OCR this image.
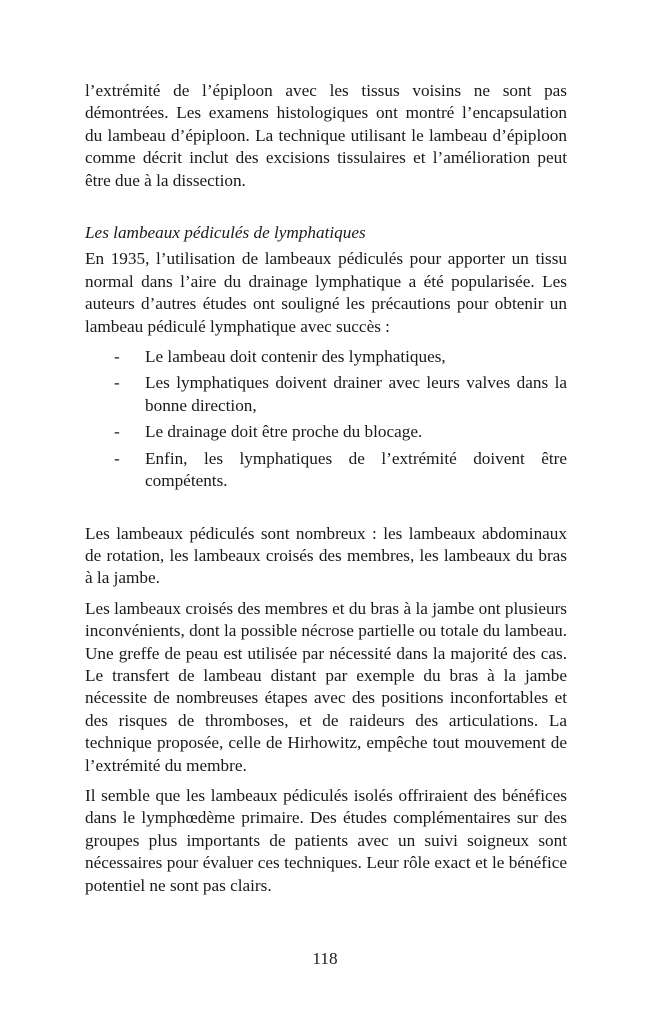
l’extrémité de l’épiploon avec les tissus voisins ne sont pas démontrées. Les examens histologiques ont montré l’encapsulation du lambeau d’épiploon. La technique utilisant le lambeau d’épiploon comme décrit inclut des excisions tissulaires et l’amélioration peut être due à la dissection.

Les lambeaux pédiculés de lymphatiques

En 1935, l’utilisation de lambeaux pédiculés pour apporter un tissu normal dans l’aire du drainage lymphatique a été popularisée. Les auteurs d’autres études ont souligné les précautions pour obtenir un lambeau pédiculé lymphatique avec succès :

- Le lambeau doit contenir des lymphatiques,
- Les lymphatiques doivent drainer avec leurs valves dans la bonne direction,
- Le drainage doit être proche du blocage.
- Enfin, les lymphatiques de l’extrémité doivent être compétents.

Les lambeaux pédiculés sont nombreux : les lambeaux abdominaux de rotation, les lambeaux croisés des membres, les lambeaux du bras à la jambe.

Les lambeaux croisés des membres et du bras à la jambe ont plusieurs inconvénients, dont la possible nécrose partielle ou totale du lambeau. Une greffe de peau est utilisée par nécessité dans la majorité des cas. Le transfert de lambeau distant par exemple du bras à la jambe nécessite de nombreuses étapes avec des positions inconfortables et des risques de thromboses, et de raideurs des articulations. La technique proposée, celle de Hirhowitz, empêche tout mouvement de l’extrémité du membre.

Il semble que les lambeaux pédiculés isolés offriraient des bénéfices dans le lymphœdème primaire. Des études complémentaires sur des groupes plus importants de patients avec un suivi soigneux sont nécessaires pour évaluer ces techniques. Leur rôle exact et le bénéfice potentiel ne sont pas clairs.

118
